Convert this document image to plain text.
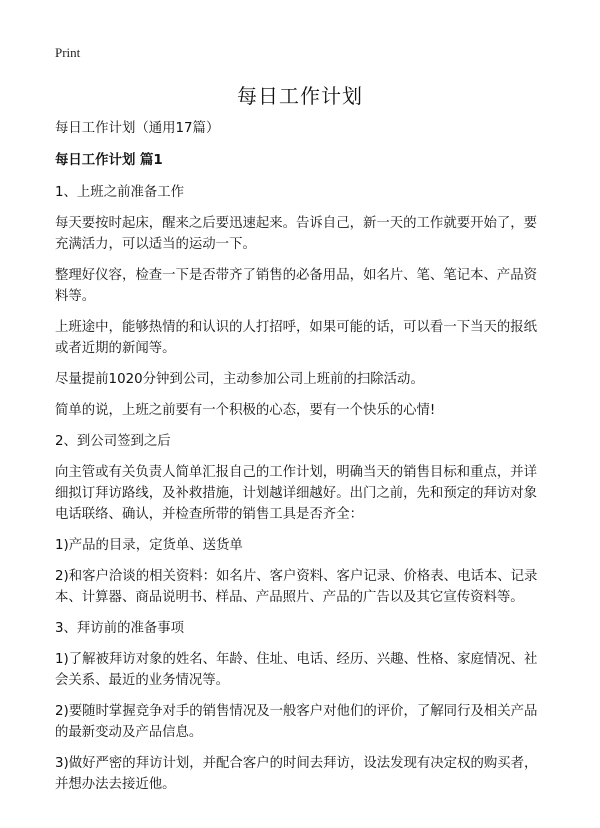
Print
每日工作计划

每日工作计划（通用17篇）

每日工作计划 篇1

1、上班之前准备工作

每天要按时起床，醒来之后要迅速起来。告诉自己，新一天的工作就要开始了，要充满活力，可以适当的运动一下。

整理好仪容，检查一下是否带齐了销售的必备用品，如名片、笔、笔记本、产品资料等。

上班途中，能够热情的和认识的人打招呼，如果可能的话，可以看一下当天的报纸或者近期的新闻等。

尽量提前1020分钟到公司，主动参加公司上班前的扫除活动。

简单的说，上班之前要有一个积极的心态，要有一个快乐的心情!

2、到公司签到之后

向主管或有关负责人简单汇报自己的工作计划，明确当天的销售目标和重点，并详细拟订拜访路线，及补救措施，计划越详细越好。出门之前，先和预定的拜访对象电话联络、确认，并检查所带的销售工具是否齐全：

1)产品的目录，定货单、送货单

2)和客户洽谈的相关资料：如名片、客户资料、客户记录、价格表、电话本、记录本、计算器、商品说明书、样品、产品照片、产品的广告以及其它宣传资料等。

3、拜访前的准备事项

1)了解被拜访对象的姓名、年龄、住址、电话、经历、兴趣、性格、家庭情况、社会关系、最近的业务情况等。

2)要随时掌握竞争对手的销售情况及一般客户对他们的评价，了解同行及相关产品的最新变动及产品信息。

3)做好严密的拜访计划，并配合客户的时间去拜访，设法发现有决定权的购买者，并想办法去接近他。
